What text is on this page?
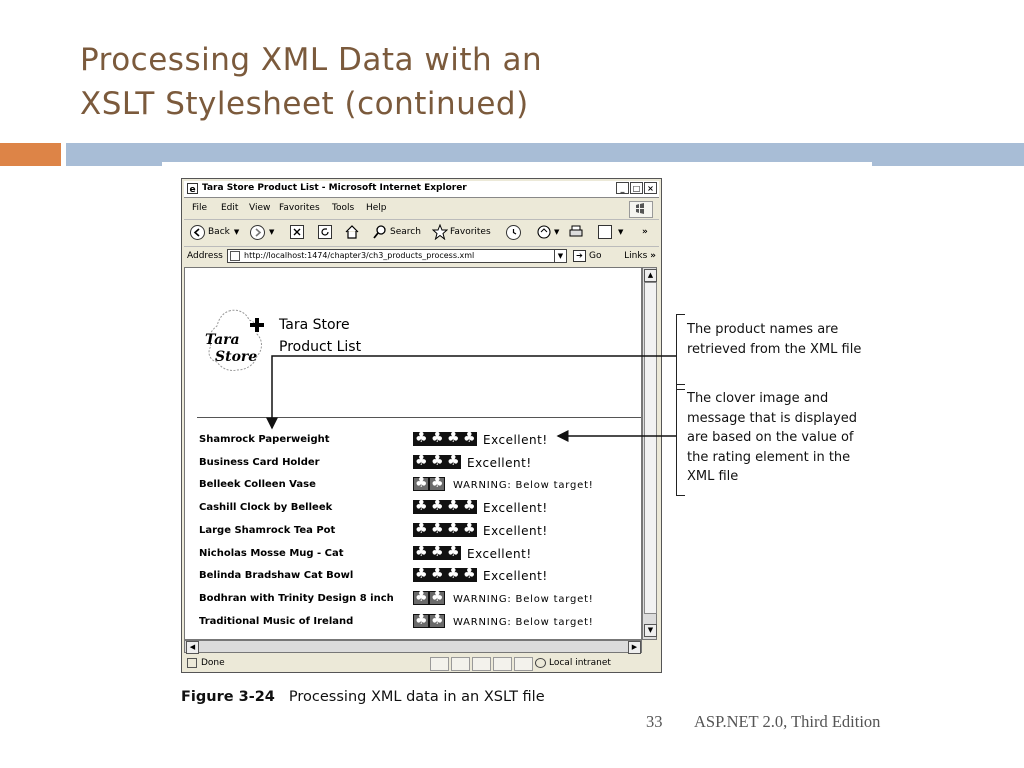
Processing XML Data with an
XSLT Stylesheet (continued)
e Tara Store Product List - Microsoft Internet Explorer	_	□ ×
File Edit View Favorites Tools Help
Back ▼	▼	Search	Favorites	▼	▼ »
Address	http://localhost:1474/chapter3/ch3_products_process.xml	▼	➔ Go	Links »
Tara
Store
Tara Store
Product List
Shamrock Paperweight ♣ ♣ ♣ ♣	Excellent!
Business Card Holder ♣ ♣ ♣	Excellent!
Belleek Colleen Vase ♣ ♣	WARNING: Below target!
Cashill Clock by Belleek ♣ ♣ ♣ ♣	Excellent!
Large Shamrock Tea Pot ♣ ♣ ♣ ♣	Excellent!
Nicholas Mosse Mug - Cat ♣ ♣ ♣	Excellent!
Belinda Bradshaw Cat Bowl ♣ ♣ ♣ ♣	Excellent!
Bodhran with Trinity Design 8 inch ♣ ♣	WARNING: Below target!
Traditional Music of Ireland ♣ ♣	WARNING: Below target!
▲
▼
◀	▶
Done	Local intranet
The product names are
retrieved from the XML file
The clover image and
message that is displayed
are based on the value of
the rating element in the
XML file
Figure 3-24 Processing XML data in an XSLT file
33 ASP.NET 2.0, Third Edition
